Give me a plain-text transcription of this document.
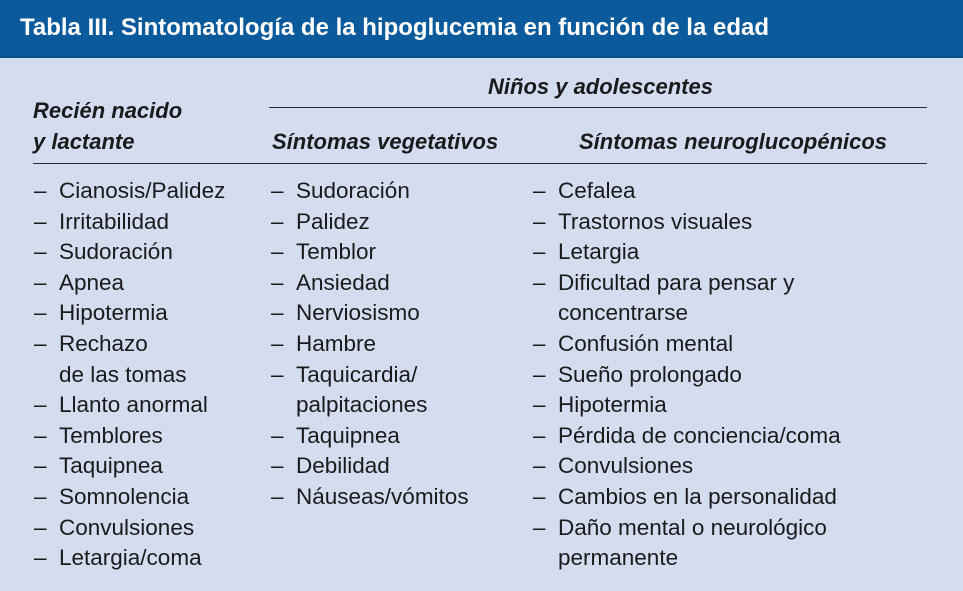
Tabla III. Sintomatología de la hipoglucemia en función de la edad
Recién nacido
y lactante
Niños y adolescentes
Síntomas vegetativos	Síntomas neuroglucopénicos
– Cianosis/Palidez
– Irritabilidad
– Sudoración
– Apnea
– Hipotermia
– Rechazo
de las tomas
– Llanto anormal
– Temblores
– Taquipnea
– Somnolencia
– Convulsiones
– Letargia/coma
– Sudoración
– Palidez
– Temblor
– Ansiedad
– Nerviosismo
– Hambre
– Taquicardia/
palpitaciones
– Taquipnea
– Debilidad
– Náuseas/vómitos
– Cefalea
– Trastornos visuales
– Letargia
– Dificultad para pensar y
concentrarse
– Confusión mental
– Sueño prolongado
– Hipotermia
– Pérdida de conciencia/coma
– Convulsiones
– Cambios en la personalidad
– Daño mental o neurológico
permanente
